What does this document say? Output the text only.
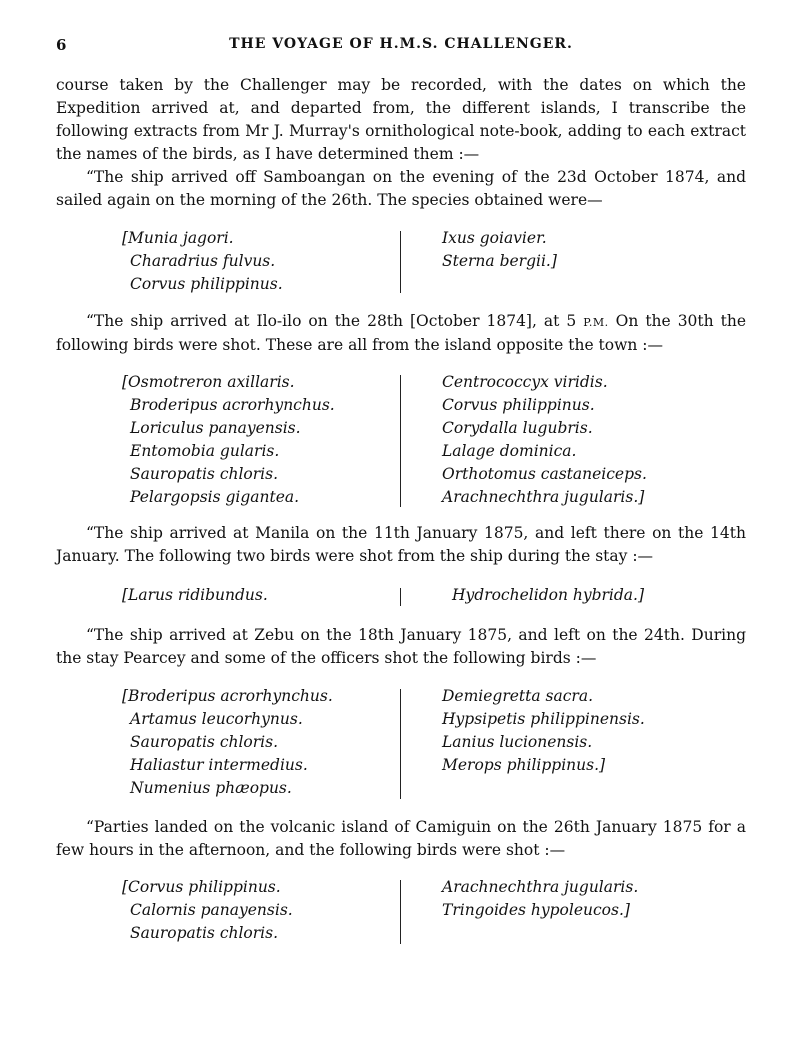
6	THE VOYAGE OF H.M.S. CHALLENGER.
course taken by the Challenger may be recorded, with the dates on which the Expedition arrived at, and departed from, the different islands, I transcribe the following extracts from Mr J. Murray's ornithological note-book, adding to each extract the names of the birds, as I have determined them :—
“The ship arrived off Samboangan on the evening of the 23d October 1874, and sailed again on the morning of the 26th. The species obtained were—
[Munia jagori.
Charadrius fulvus.
Corvus philippinus.
Ixus goiavier.
Sterna bergii.]
“The ship arrived at Ilo-ilo on the 28th [October 1874], at 5 P.M. On the 30th the following birds were shot. These are all from the island opposite the town :—
[Osmotreron axillaris.
Broderipus acrorhynchus.
Loriculus panayensis.
Entomobia gularis.
Sauropatis chloris.
Pelargopsis gigantea.
Centrococcyx viridis.
Corvus philippinus.
Corydalla lugubris.
Lalage dominica.
Orthotomus castaneiceps.
Arachnechthra jugularis.]
“The ship arrived at Manila on the 11th January 1875, and left there on the 14th January. The following two birds were shot from the ship during the stay :—
[Larus ridibundus.	Hydrochelidon hybrida.]
“The ship arrived at Zebu on the 18th January 1875, and left on the 24th. During the stay Pearcey and some of the officers shot the following birds :—
[Broderipus acrorhynchus.
Artamus leucorhynus.
Sauropatis chloris.
Haliastur intermedius.
Numenius phæopus.
Demiegretta sacra.
Hypsipetis philippinensis.
Lanius lucionensis.
Merops philippinus.]
“Parties landed on the volcanic island of Camiguin on the 26th January 1875 for a few hours in the afternoon, and the following birds were shot :—
[Corvus philippinus.
Calornis panayensis.
Sauropatis chloris.
Arachnechthra jugularis.
Tringoides hypoleucos.]
